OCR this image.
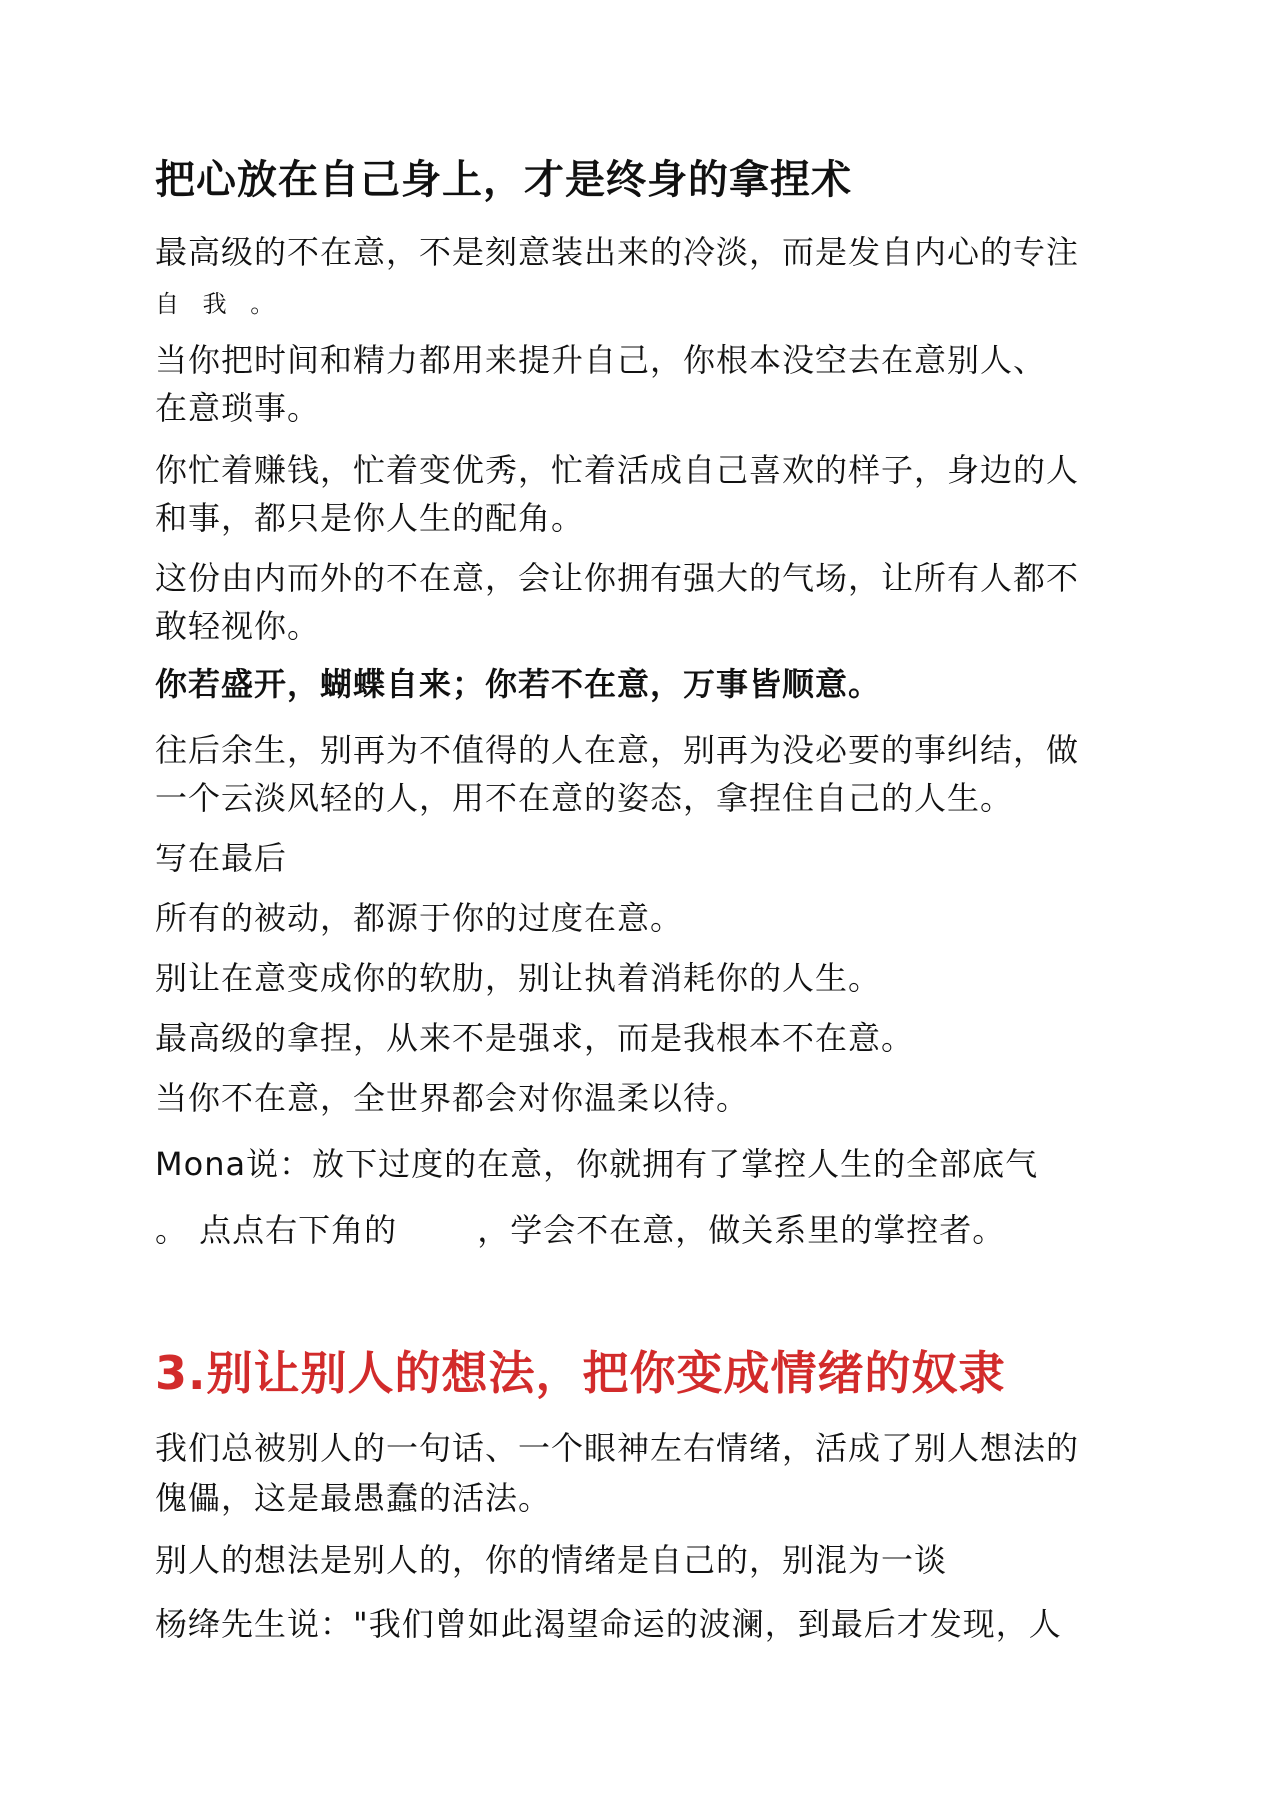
把心放在自己身上，才是终身的拿捏术
最高级的不在意，不是刻意装出来的冷淡，而是发自内心的专注
自 我 。
当你把时间和精力都用来提升自己，你根本没空去在意别人、
在意琐事。
你忙着赚钱，忙着变优秀，忙着活成自己喜欢的样子，身边的人
和事，都只是你人生的配角。
这份由内而外的不在意，会让你拥有强大的气场，让所有人都不
敢轻视你。
你若盛开，蝴蝶自来；你若不在意，万事皆顺意。
往后余生，别再为不值得的人在意，别再为没必要的事纠结，做
一个云淡风轻的人，用不在意的姿态，拿捏住自己的人生。
写在最后
所有的被动，都源于你的过度在意。
别让在意变成你的软肋，别让执着消耗你的人生。
最高级的拿捏，从来不是强求，而是我根本不在意。
当你不在意，全世界都会对你温柔以待。
Mona说：放下过度的在意，你就拥有了掌控人生的全部底气
。 点点右下角的	，学会不在意，做关系里的掌控者。
3.别让别人的想法，把你变成情绪的奴隶
我们总被别人的一句话、一个眼神左右情绪，活成了别人想法的
傀儡，这是最愚蠢的活法。
别人的想法是别人的，你的情绪是自己的，别混为一谈
杨绛先生说："我们曾如此渴望命运的波澜，到最后才发现，人
